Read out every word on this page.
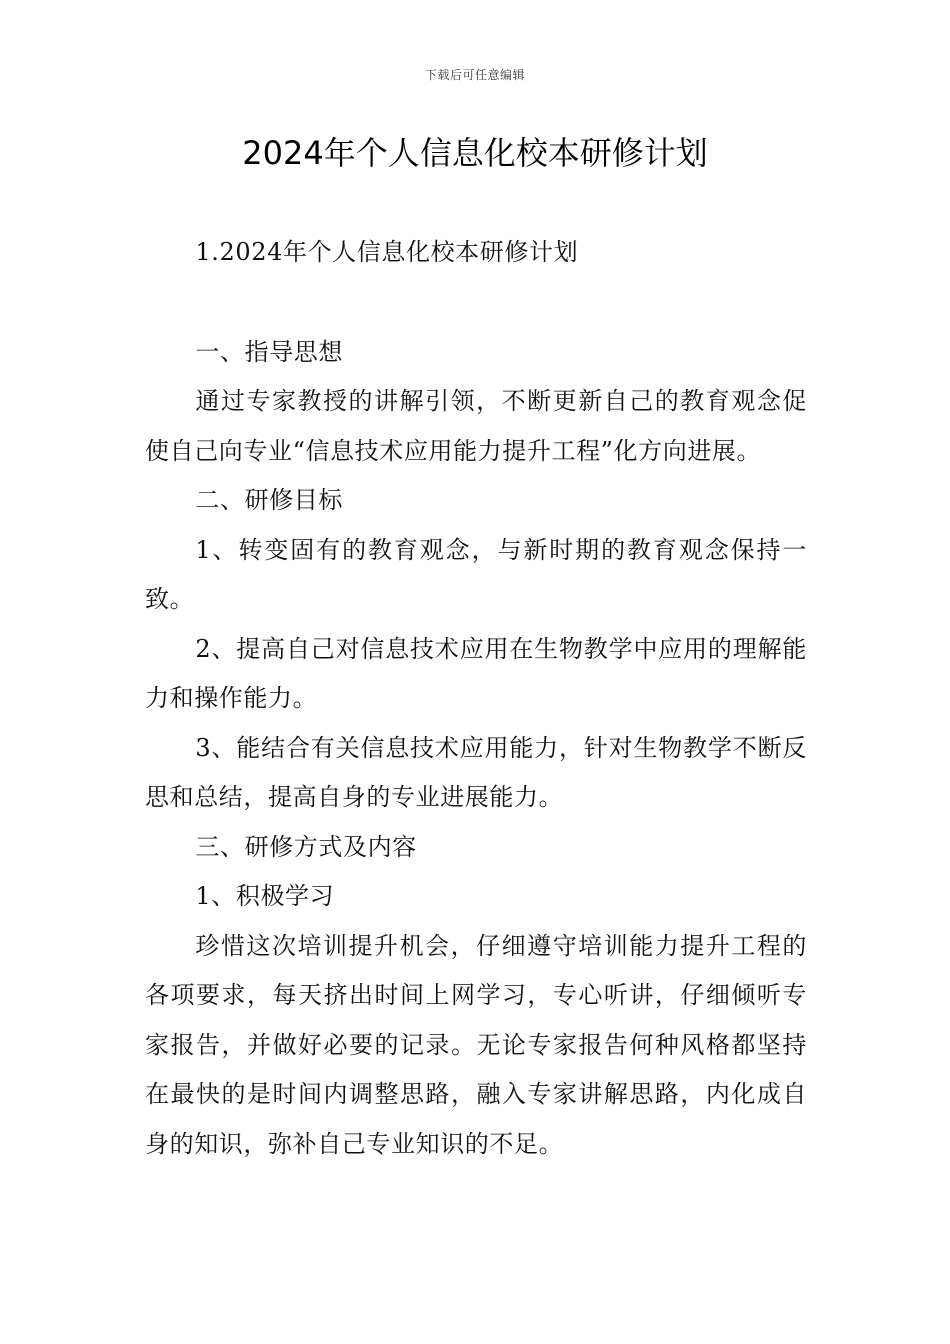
下载后可任意编辑
2024年个人信息化校本研修计划

1.2024年个人信息化校本研修计划

一、指导思想

通过专家教授的讲解引领，不断更新自己的教育观念促使自己向专业“信息技术应用能力提升工程”化方向进展。

二、研修目标

1、转变固有的教育观念，与新时期的教育观念保持一致。

2、提高自己对信息技术应用在生物教学中应用的理解能力和操作能力。

3、能结合有关信息技术应用能力，针对生物教学不断反思和总结，提高自身的专业进展能力。

三、研修方式及内容

1、积极学习

珍惜这次培训提升机会，仔细遵守培训能力提升工程的各项要求，每天挤出时间上网学习，专心听讲，仔细倾听专家报告，并做好必要的记录。无论专家报告何种风格都坚持在最快的是时间内调整思路，融入专家讲解思路，内化成自身的知识，弥补自己专业知识的不足。
